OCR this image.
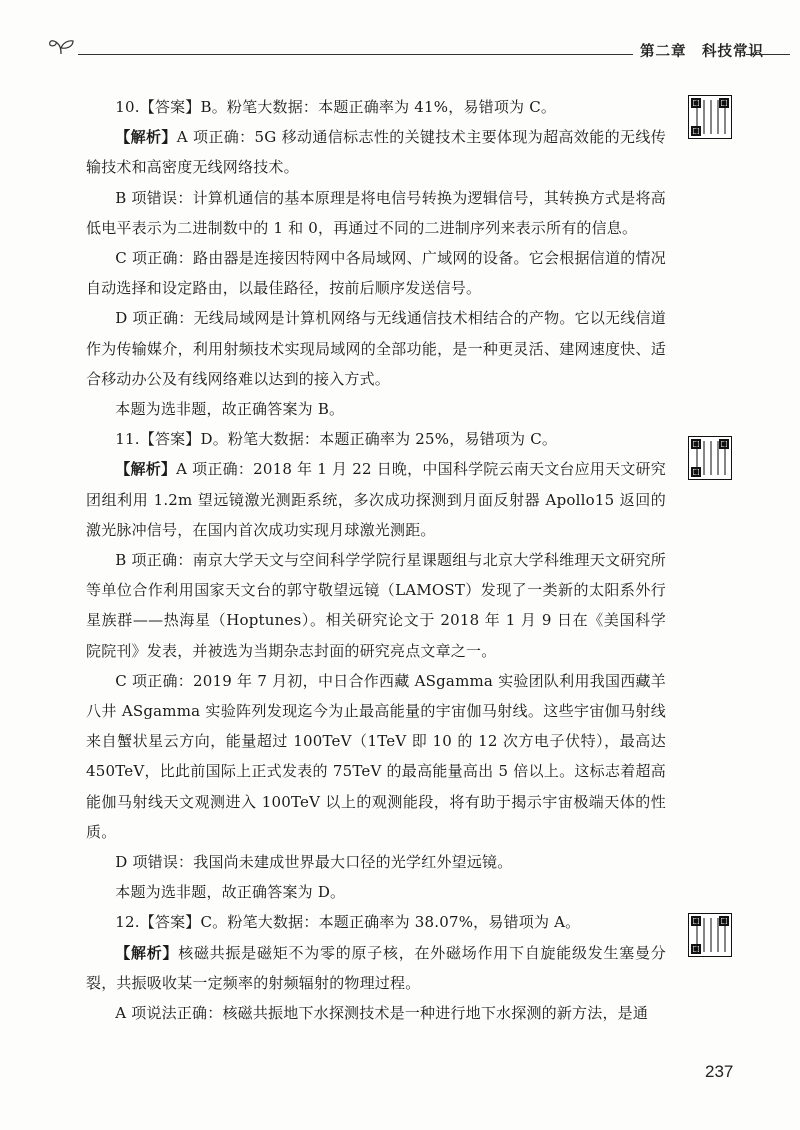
第二章　科技常识

10.【答案】B。粉笔大数据：本题正确率为 41%，易错项为 C。

【解析】A 项正确：5G 移动通信标志性的关键技术主要体现为超高效能的无线传输技术和高密度无线网络技术。

B 项错误：计算机通信的基本原理是将电信号转换为逻辑信号，其转换方式是将高低电平表示为二进制数中的 1 和 0，再通过不同的二进制序列来表示所有的信息。

C 项正确：路由器是连接因特网中各局域网、广域网的设备。它会根据信道的情况自动选择和设定路由，以最佳路径，按前后顺序发送信号。

D 项正确：无线局域网是计算机网络与无线通信技术相结合的产物。它以无线信道作为传输媒介，利用射频技术实现局域网的全部功能，是一种更灵活、建网速度快、适合移动办公及有线网络难以达到的接入方式。

本题为选非题，故正确答案为 B。

11.【答案】D。粉笔大数据：本题正确率为 25%，易错项为 C。

【解析】A 项正确：2018 年 1 月 22 日晚，中国科学院云南天文台应用天文研究团组利用 1.2m 望远镜激光测距系统，多次成功探测到月面反射器 Apollo15 返回的激光脉冲信号，在国内首次成功实现月球激光测距。

B 项正确：南京大学天文与空间科学学院行星课题组与北京大学科维理天文研究所等单位合作利用国家天文台的郭守敬望远镜（LAMOST）发现了一类新的太阳系外行星族群——热海星（Hoptunes）。相关研究论文于 2018 年 1 月 9 日在《美国科学院院刊》发表，并被选为当期杂志封面的研究亮点文章之一。

C 项正确：2019 年 7 月初，中日合作西藏 ASgamma 实验团队利用我国西藏羊八井 ASgamma 实验阵列发现迄今为止最高能量的宇宙伽马射线。这些宇宙伽马射线来自蟹状星云方向，能量超过 100TeV（1TeV 即 10 的 12 次方电子伏特），最高达 450TeV，比此前国际上正式发表的 75TeV 的最高能量高出 5 倍以上。这标志着超高能伽马射线天文观测进入 100TeV 以上的观测能段，将有助于揭示宇宙极端天体的性质。

D 项错误：我国尚未建成世界最大口径的光学红外望远镜。

本题为选非题，故正确答案为 D。

12.【答案】C。粉笔大数据：本题正确率为 38.07%，易错项为 A。

【解析】核磁共振是磁矩不为零的原子核，在外磁场作用下自旋能级发生塞曼分裂，共振吸收某一定频率的射频辐射的物理过程。

A 项说法正确：核磁共振地下水探测技术是一种进行地下水探测的新方法，是通

237
